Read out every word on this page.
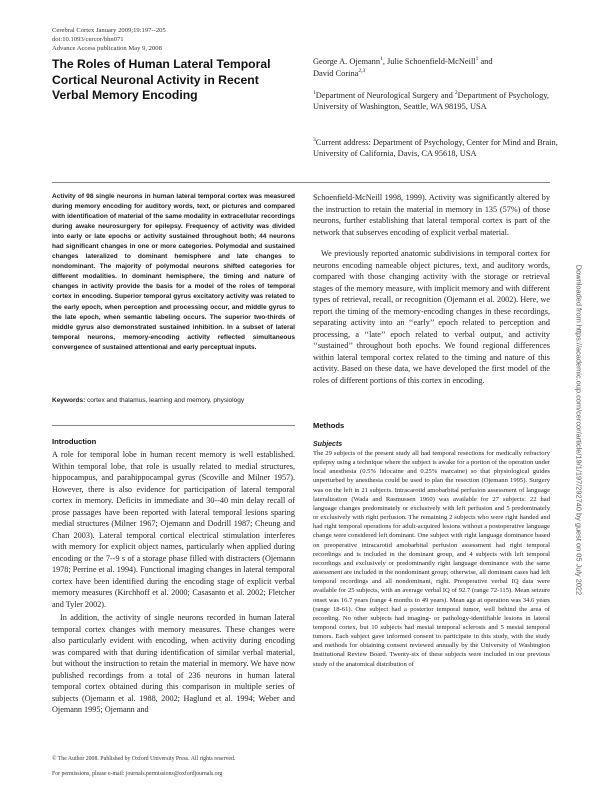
Cerebral Cortex January 2009;19:197--205
doi:10.1093/cercor/bhn071
Advance Access publication May 9, 2008
The Roles of Human Lateral Temporal Cortical Neuronal Activity in Recent Verbal Memory Encoding
George A. Ojemann$^1$, Julie Schoenfield-McNeill$^1$ and
David Corina$^{2,3}$
$^1$Department of Neurological Surgery and $^2$Department of Psychology, University of Washington, Seattle, WA 98195, USA
$^3$Current address: Department of Psychology, Center for Mind and Brain, University of California, Davis, CA 95618, USA
Activity of 98 single neurons in human lateral temporal cortex was measured during memory encoding for auditory words, text, or pictures and compared with identification of material of the same modality in extracellular recordings during awake neurosurgery for epilepsy. Frequency of activity was divided into early or late epochs or activity sustained throughout both; 44 neurons had significant changes in one or more categories. Polymodal and sustained changes lateralized to dominant hemisphere and late changes to nondominant. The majority of polymodal neurons shifted categories for different modalities. In dominant hemisphere, the timing and nature of changes in activity provide the basis for a model of the roles of temporal cortex in encoding. Superior temporal gyrus excitatory activity was related to the early epoch, when perception and processing occur, and middle gyrus to the late epoch, when semantic labeling occurs. The superior two-thirds of middle gyrus also demonstrated sustained inhibition. In a subset of lateral temporal neurons, memory-encoding activity reflected simultaneous convergence of sustained attentional and early perceptual inputs.
Keywords: cortex and thalamus, learning and memory, physiology
Introduction
A role for temporal lobe in human recent memory is well established. Within temporal lobe, that role is usually related to medial structures, hippocampus, and parahippocampal gyrus (Scoville and Milner 1957). However, there is also evidence for participation of lateral temporal cortex in memory. Deficits in immediate and 30--40 min delay recall of prose passages have been reported with lateral temporal lesions sparing medial structures (Milner 1967; Ojemann and Dodrill 1987; Cheung and Chan 2003). Lateral temporal cortical electrical stimulation interferes with memory for explicit object names, particularly when applied during encoding or the 7--9 s of a storage phase filled with distracters (Ojemann 1978; Perrine et al. 1994). Functional imaging changes in lateral temporal cortex have been identified during the encoding stage of explicit verbal memory measures (Kirchhoff et al. 2000; Casasanto et al. 2002; Fletcher and Tyler 2002).
In addition, the activity of single neurons recorded in human lateral temporal cortex changes with memory measures. These changes were also particularly evident with encoding, when activity during encoding was compared with that during identification of similar verbal material, but without the instruction to retain the material in memory. We have now published recordings from a total of 236 neurons in human lateral temporal cortex obtained during this comparison in multiple series of subjects (Ojemann et al. 1988, 2002; Haglund et al. 1994; Weber and Ojemann 1995; Ojemann and
Schoenfield-McNeill 1998, 1999). Activity was significantly altered by the instruction to retain the material in memory in 135 (57%) of those neurons, further establishing that lateral temporal cortex is part of the network that subserves encoding of explicit verbal material.
We previously reported anatomic subdivisions in temporal cortex for neurons encoding nameable object pictures, text, and auditory words, compared with those changing activity with the storage or retrieval stages of the memory measure, with implicit memory and with different types of retrieval, recall, or recognition (Ojemann et al. 2002). Here, we report the timing of the memory-encoding changes in these recordings, separating activity into an ‘‘early’’ epoch related to perception and processing, a ‘‘late’’ epoch related to verbal output, and activity ‘‘sustained’’ throughout both epochs. We found regional differences within lateral temporal cortex related to the timing and nature of this activity. Based on these data, we have developed the first model of the roles of different portions of this cortex in encoding.
Methods
Subjects
The 29 subjects of the present study all had temporal resections for medically refractory epilepsy using a technique where the subject is awake for a portion of the operation under local anesthesia (0.5% lidocaine and 0.25% marcaine) so that physiological guides unperturbed by anesthesia could be used to plan the resection (Ojemann 1995). Surgery was on the left in 21 subjects. Intracarotid amobarbital perfusion assessment of language lateralization (Wada and Rasmussen 1960) was available for 27 subjects: 22 had language changes predominately or exclusively with left perfusion and 5 predominately or exclusively with right perfusion. The remaining 2 subjects who were right handed and had right temporal operations for adult-acquired lesions without a postoperative language change were considered left dominant. One subject with right language dominance based on preoperative intracarotid amobarbital perfusion assessment had right temporal recordings and is included in the dominant group, and 4 subjects with left temporal recordings and exclusively or predominantly right language dominance with the same assessment are included in the nondominant group; otherwise, all dominant cases had left temporal recordings and all nondominant, right. Preoperative verbal IQ data were available for 25 subjects, with an average verbal IQ of 92.7 (range 72-115). Mean seizure onset was 16.7 years (range 4 months to 49 years). Mean age at operation was 34.6 years (range 18-61). One subject had a posterior temporal tumor, well behind the area of recording. No other subjects had imaging- or pathology-identifiable lesions in lateral temporal cortex, but 10 subjects had mesial temporal sclerosis and 5 mesial temporal tumors. Each subject gave informed consent to participate in this study, with the study and methods for obtaining consent reviewed annually by the University of Washington Institutional Review Board. Twenty-six of these subjects were included in our previous study of the anatomical distribution of

© The Author 2008. Published by Oxford University Press. All rights reserved.

For permissions, please e-mail: journals.permissions@oxfordjournals.org

Downloaded from https://academic.oup.com/cercor/article/19/1/197/292740 by guest on 05 July 2022
